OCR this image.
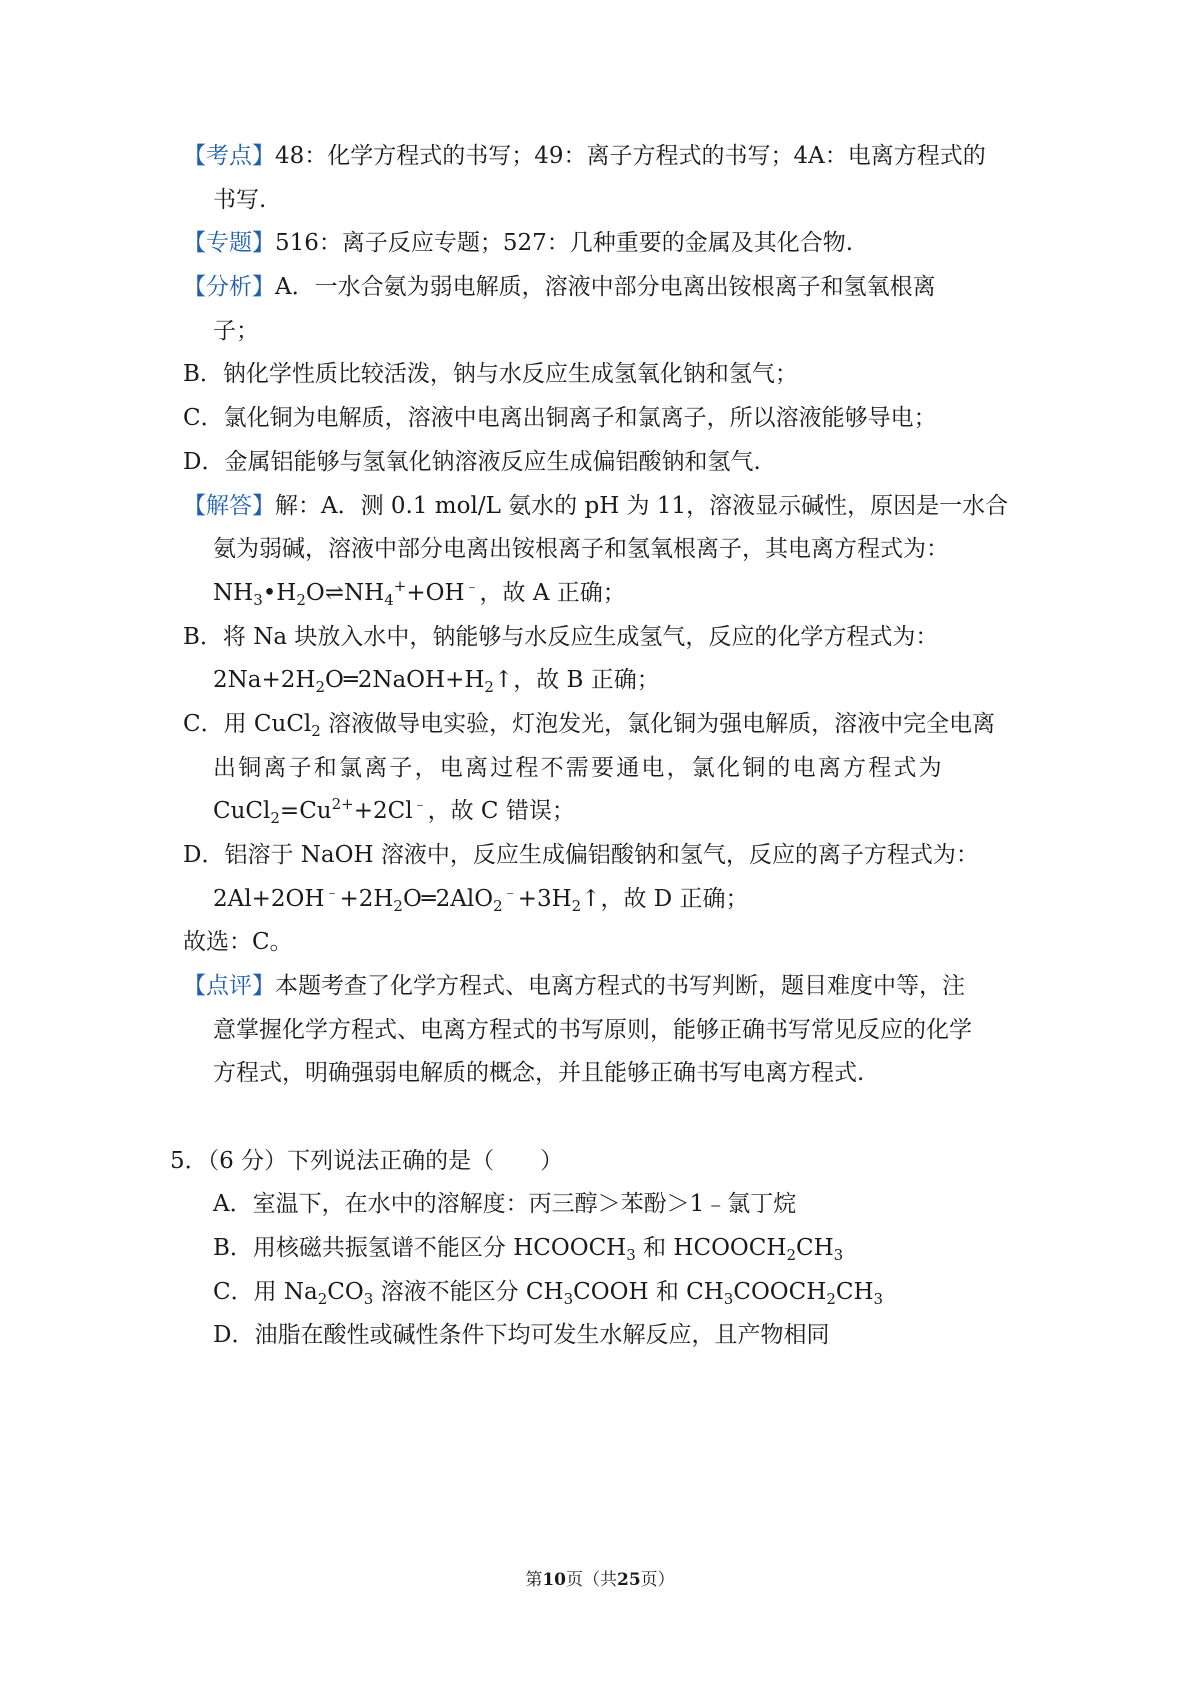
【考点】48：化学方程式的书写；49：离子方程式的书写；4A：电离方程式的
书写.
【专题】516：离子反应专题；527：几种重要的金属及其化合物.
【分析】A．一水合氨为弱电解质，溶液中部分电离出铵根离子和氢氧根离
子；
B．钠化学性质比较活泼，钠与水反应生成氢氧化钠和氢气；
C．氯化铜为电解质，溶液中电离出铜离子和氯离子，所以溶液能够导电；
D．金属铝能够与氢氧化钠溶液反应生成偏铝酸钠和氢气.
【解答】解：A．测 0.1 mol/L 氨水的 pH 为 11，溶液显示碱性，原因是一水合
氨为弱碱，溶液中部分电离出铵根离子和氢氧根离子，其电离方程式为：
$NH_3•H_2O\rightleftharpoons NH_4^++OH^﹣$，故 A 正确；
B．将 Na 块放入水中，钠能够与水反应生成氢气，反应的化学方程式为：
$2Na+2H_2O═2NaOH+H_2↑$，故 B 正确；
C．用 CuCl$_2$ 溶液做导电实验，灯泡发光，氯化铜为强电解质，溶液中完全电离
出铜离子和氯离子，电离过程不需要通电，氯化铜的电离方程式为
$CuCl_2=Cu^{2+}+2Cl^﹣$，故 C 错误；
D．铝溶于 NaOH 溶液中，反应生成偏铝酸钠和氢气，反应的离子方程式为：
$2Al+2OH^﹣+2H_2O═2AlO_2^﹣+3H_2↑$，故 D 正确；
故选：C。
【点评】本题考查了化学方程式、电离方程式的书写判断，题目难度中等，注
意掌握化学方程式、电离方程式的书写原则，能够正确书写常见反应的化学
方程式，明确强弱电解质的概念，并且能够正确书写电离方程式.
5．（6 分）下列说法正确的是（　　）
A．室温下，在水中的溶解度：丙三醇＞苯酚＞1﹣氯丁烷
B．用核磁共振氢谱不能区分 $HCOOCH_3$ 和 $HCOOCH_2CH_3$
C．用 $Na_2CO_3$ 溶液不能区分 $CH_3COOH$ 和 $CH_3COOCH_2CH_3$
D．油脂在酸性或碱性条件下均可发生水解反应，且产物相同
第10页（共25页）
